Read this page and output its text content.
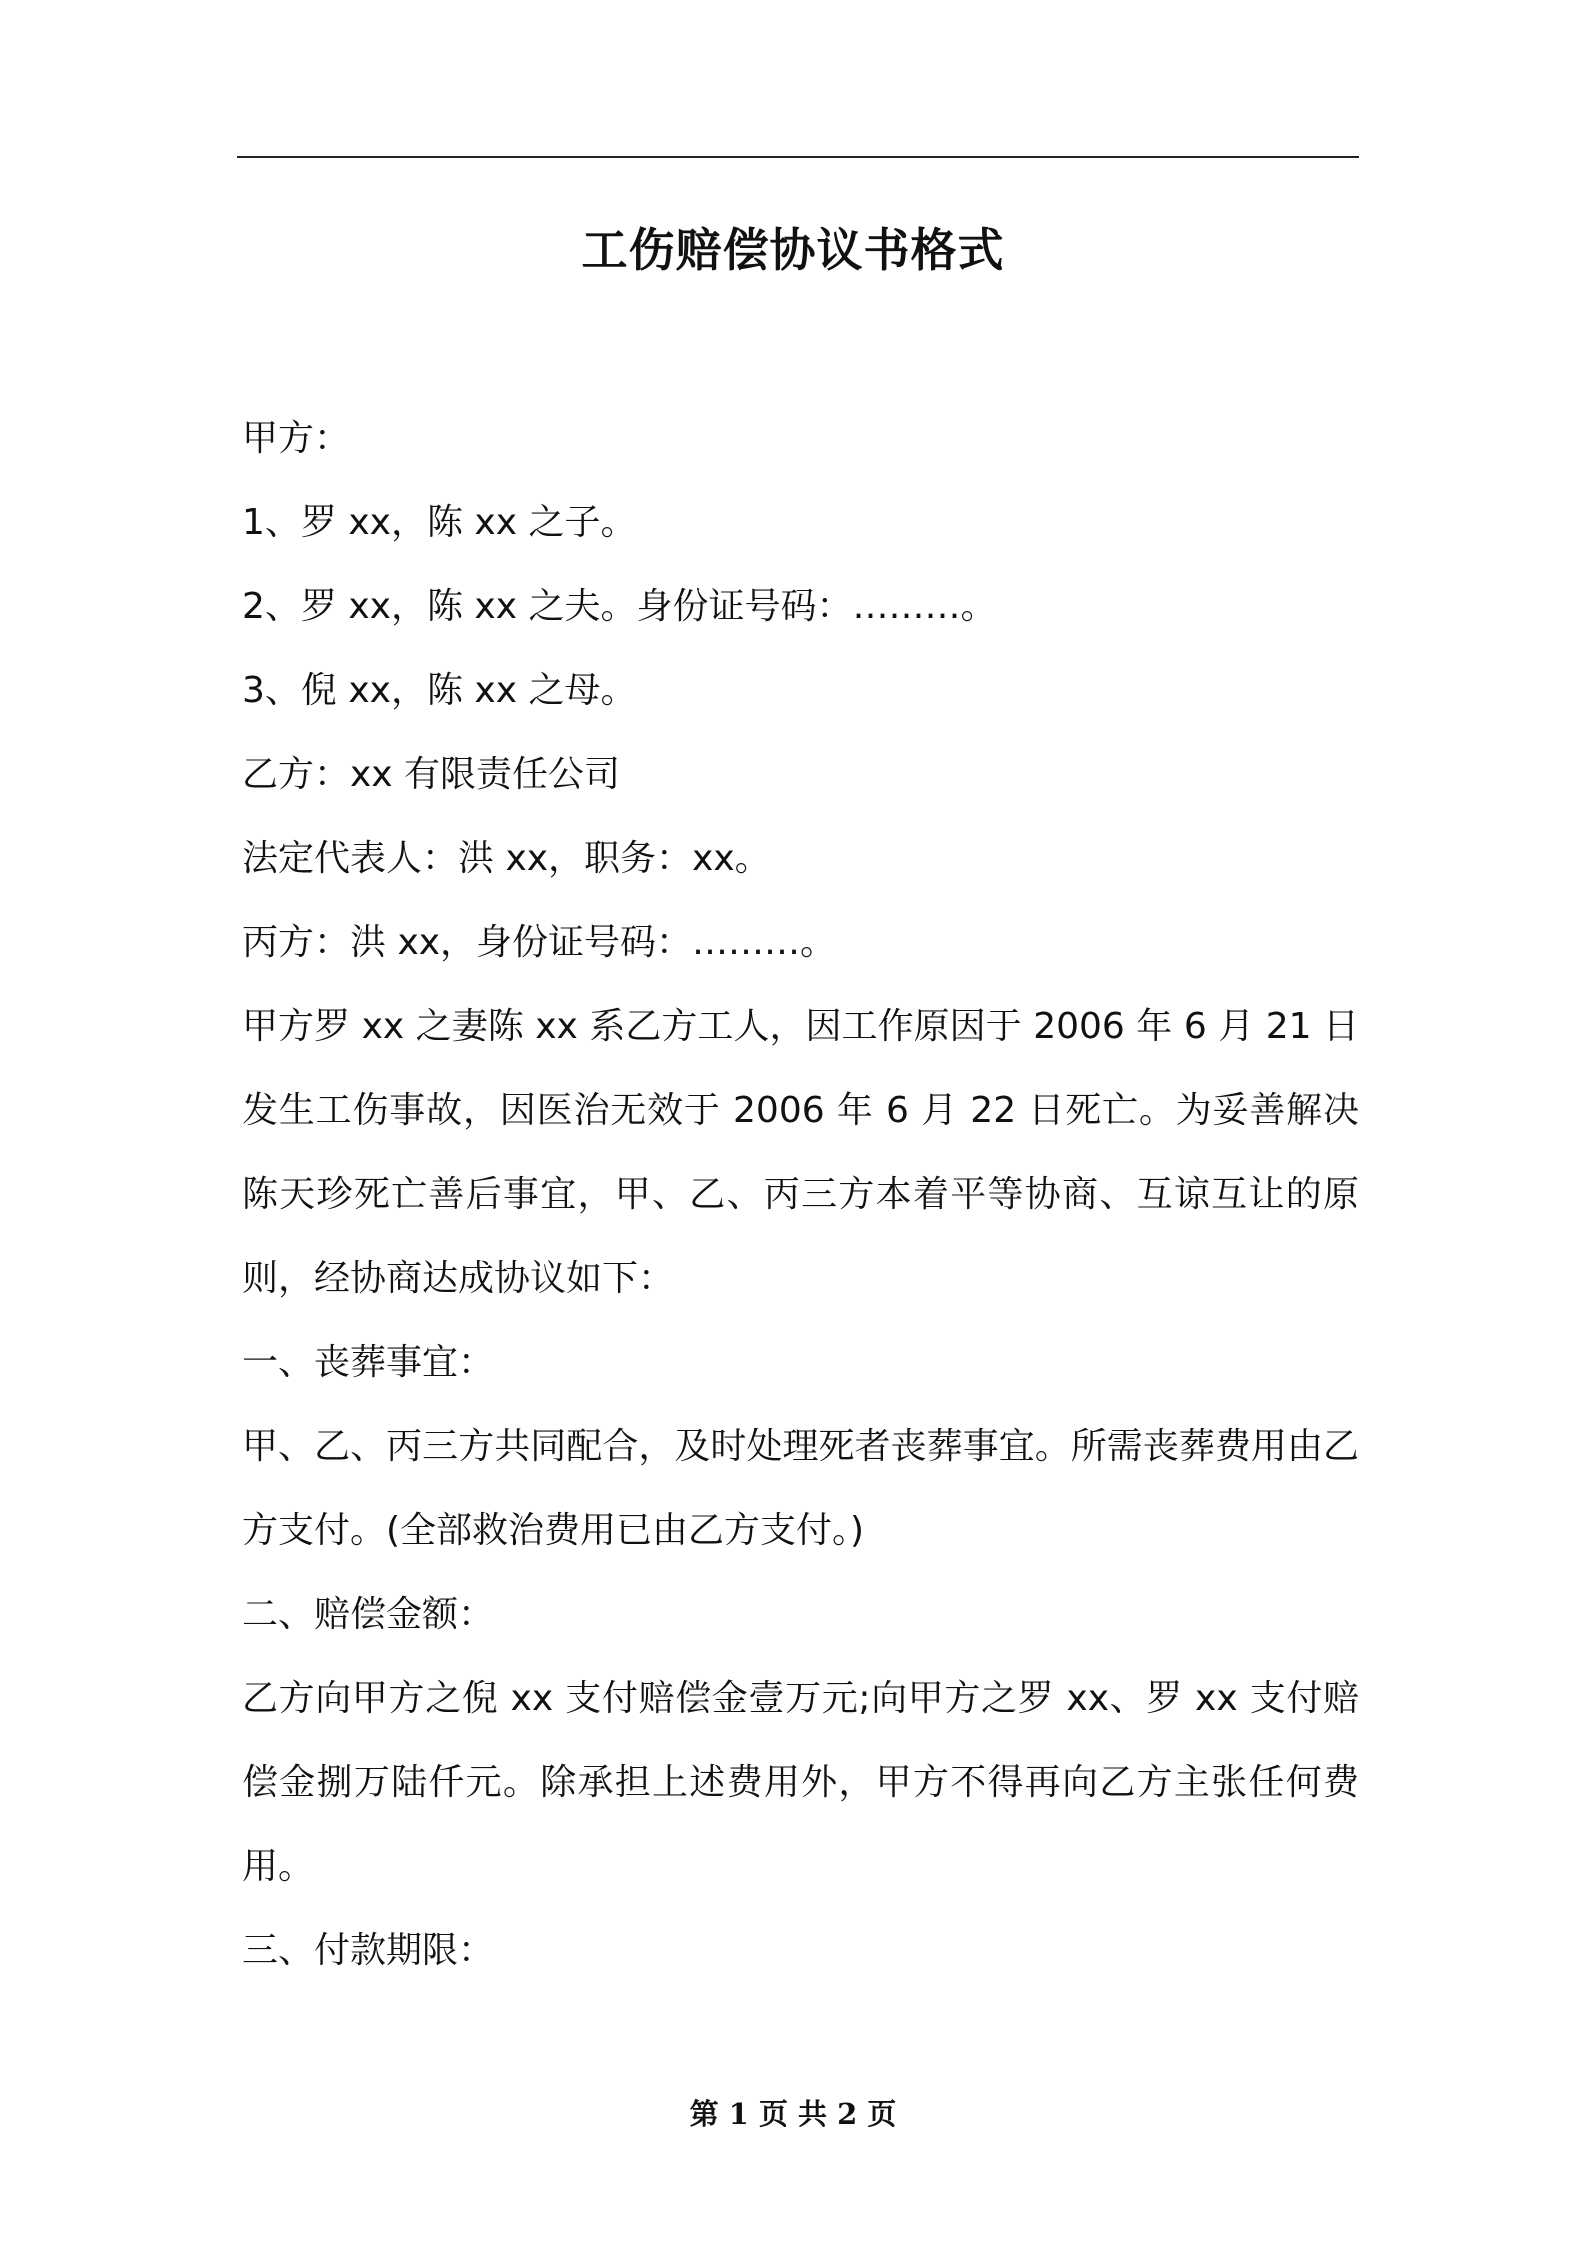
工伤赔偿协议书格式

甲方：

1、罗 xx，陈 xx 之子。

2、罗 xx，陈 xx 之夫。身份证号码：………。

3、倪 xx，陈 xx 之母。

乙方：xx 有限责任公司

法定代表人：洪 xx，职务：xx。

丙方：洪 xx，身份证号码：………。

甲方罗 xx 之妻陈 xx 系乙方工人，因工作原因于 2006 年 6 月 21 日发生工伤事故，因医治无效于 2006 年 6 月 22 日死亡。为妥善解决陈天珍死亡善后事宜，甲、乙、丙三方本着平等协商、互谅互让的原则，经协商达成协议如下：

一、丧葬事宜：

甲、乙、丙三方共同配合，及时处理死者丧葬事宜。所需丧葬费用由乙方支付。(全部救治费用已由乙方支付。)

二、赔偿金额：

乙方向甲方之倪 xx 支付赔偿金壹万元;向甲方之罗 xx、罗 xx 支付赔偿金捌万陆仟元。除承担上述费用外，甲方不得再向乙方主张任何费用。

三、付款期限：

第 1 页 共 2 页
